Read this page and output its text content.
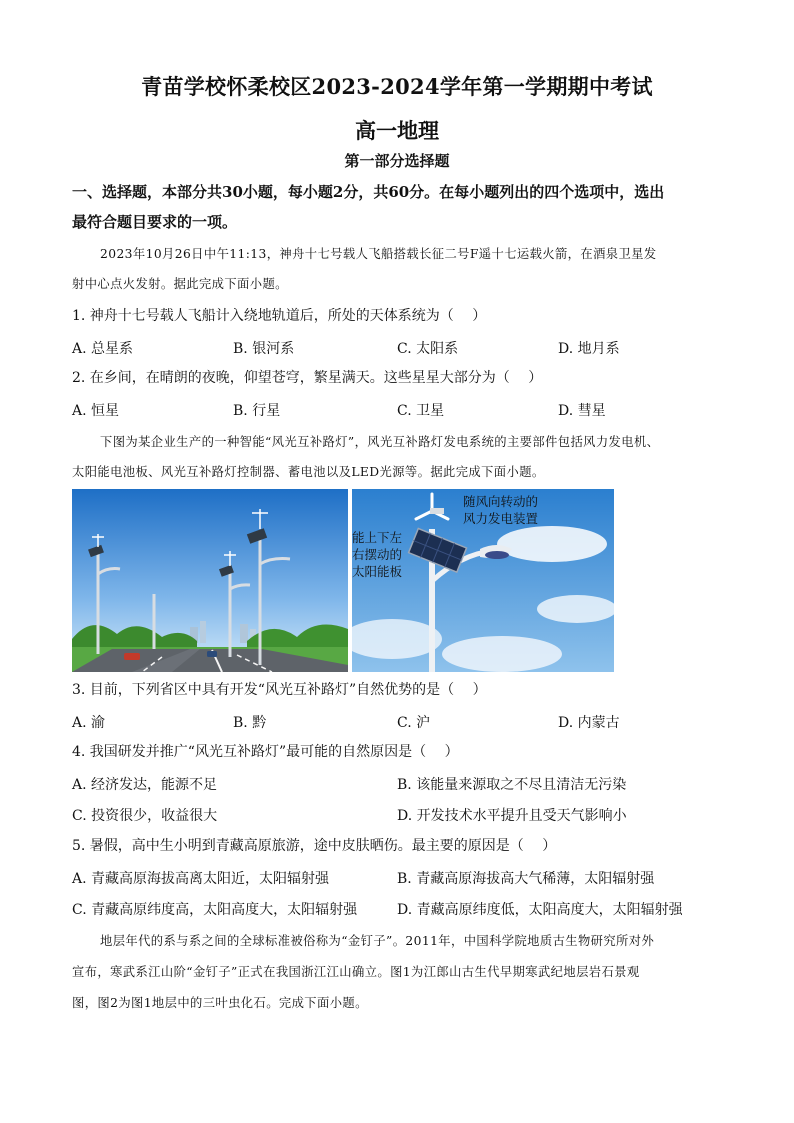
青苗学校怀柔校区2023-2024学年第一学期期中考试
高一地理
第一部分选择题
一、选择题，本部分共30小题，每小题2分，共60分。在每小题列出的四个选项中，选出
最符合题目要求的一项。
2023年10月26日中午11:13，神舟十七号载人飞船搭载长征二号F遥十七运载火箭，在酒泉卫星发
射中心点火发射。据此完成下面小题。
1. 神舟十七号载人飞船计入绕地轨道后，所处的天体系统为（　 ）
A. 总星系	B. 银河系	C. 太阳系	D. 地月系
2. 在乡间，在晴朗的夜晚，仰望苍穹，繁星满天。这些星星大部分为（　 ）
A. 恒星	B. 行星	C. 卫星	D. 彗星
下图为某企业生产的一种智能“风光互补路灯”，风光互补路灯发电系统的主要部件包括风力发电机、
太阳能电池板、风光互补路灯控制器、蓄电池以及LED光源等。据此完成下面小题。
随风向转动的
风力发电装置
能上下左
右摆动的
太阳能板
3. 目前，下列省区中具有开发“风光互补路灯”自然优势的是（　 ）
A. 渝	B. 黔	C. 沪	D. 内蒙古
4. 我国研发并推广“风光互补路灯”最可能的自然原因是（　 ）
A. 经济发达，能源不足	B. 该能量来源取之不尽且清洁无污染
C. 投资很少，收益很大	D. 开发技术水平提升且受天气影响小
5. 暑假，高中生小明到青藏高原旅游，途中皮肤晒伤。最主要的原因是（　 ）
A. 青藏高原海拔高离太阳近，太阳辐射强	B. 青藏高原海拔高大气稀薄，太阳辐射强
C. 青藏高原纬度高，太阳高度大，太阳辐射强	D. 青藏高原纬度低，太阳高度大，太阳辐射强
地层年代的系与系之间的全球标准被俗称为“金钉子”。2011年，中国科学院地质古生物研究所对外
宣布，寒武系江山阶“金钉子”正式在我国浙江江山确立。图1为江郎山古生代早期寒武纪地层岩石景观
图，图2为图1地层中的三叶虫化石。完成下面小题。
